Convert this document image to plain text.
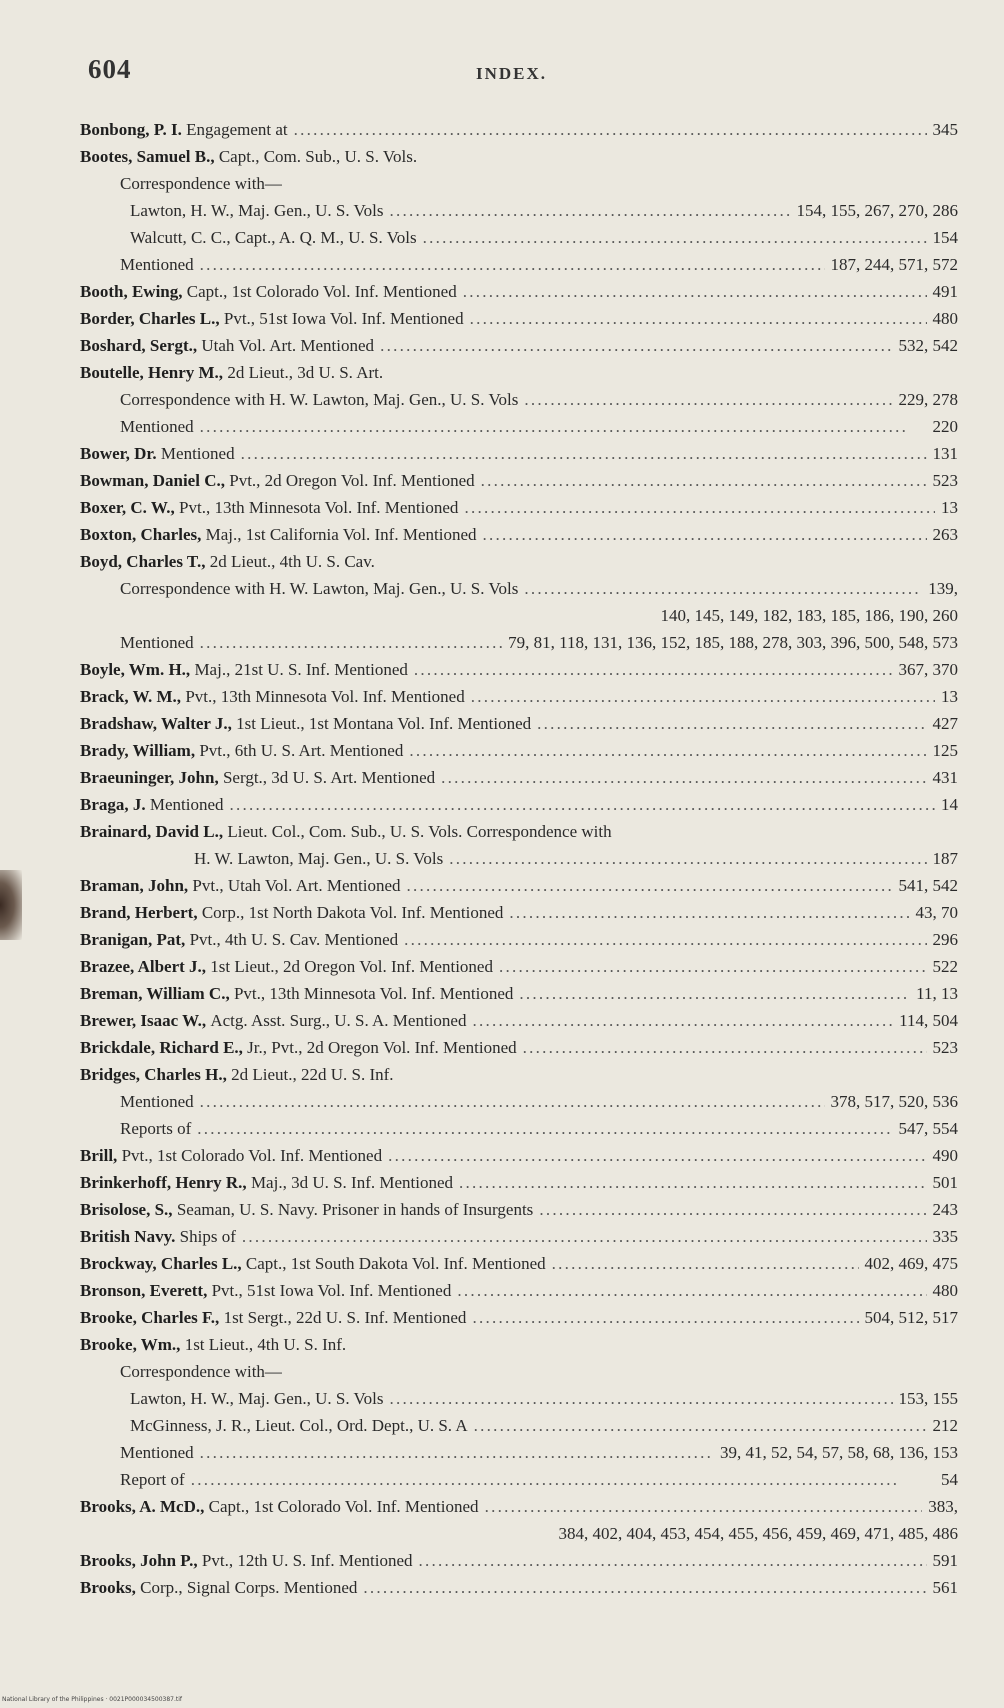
604	INDEX.
Bonbong, P. I.
Engagement at . . .	345
Bootes, Samuel B.,
Capt., Com. Sub., U. S. Vols.
Correspondence with—
Lawton, H. W., Maj. Gen., U. S. Vols . . .	154, 155, 267, 270, 286
Walcutt, C. C., Capt., A. Q. M., U. S. Vols . . .	154
Mentioned . . .	187, 244, 571, 572
Booth, Ewing,
Capt., 1st Colorado Vol. Inf. Mentioned . . .	491
Border, Charles L.,
Pvt., 51st Iowa Vol. Inf. Mentioned . . .	480
Boshard, Sergt.,
Utah Vol. Art. Mentioned . . .	532, 542
Boutelle, Henry M.,
2d Lieut., 3d U. S. Art.
Correspondence with H. W. Lawton, Maj. Gen., U. S. Vols . . .	229, 278
Mentioned . . .	220
Bower, Dr.
Mentioned . . .	131
Bowman, Daniel C.,
Pvt., 2d Oregon Vol. Inf. Mentioned . . .	523
Boxer, C. W.,
Pvt., 13th Minnesota Vol. Inf. Mentioned . . .	13
Boxton, Charles,
Maj., 1st California Vol. Inf. Mentioned . . .	263
Boyd, Charles T.,
2d Lieut., 4th U. S. Cav.
Correspondence with H. W. Lawton, Maj. Gen., U. S. Vols . . .	139,
140, 145, 149, 182, 183, 185, 186, 190, 260
Mentioned . . .	79, 81, 118, 131, 136, 152, 185, 188, 278, 303, 396, 500, 548, 573
Boyle, Wm. H.,
Maj., 21st U. S. Inf. Mentioned . . .	367, 370
Brack, W. M.,
Pvt., 13th Minnesota Vol. Inf. Mentioned . . .	13
Bradshaw, Walter J.,
1st Lieut., 1st Montana Vol. Inf. Mentioned . . .	427
Brady, William,
Pvt., 6th U. S. Art. Mentioned . . .	125
Braeuninger, John,
Sergt., 3d U. S. Art. Mentioned . . .	431
Braga, J.
Mentioned . . .	14
Brainard, David L.,
Lieut. Col., Com. Sub., U. S. Vols. Correspondence with
H. W. Lawton, Maj. Gen., U. S. Vols . . .	187
Braman, John,
Pvt., Utah Vol. Art. Mentioned . . .	541, 542
Brand, Herbert,
Corp., 1st North Dakota Vol. Inf. Mentioned . . .	43, 70
Branigan, Pat,
Pvt., 4th U. S. Cav. Mentioned . . .	296
Brazee, Albert J.,
1st Lieut., 2d Oregon Vol. Inf. Mentioned . . .	522
Breman, William C.,
Pvt., 13th Minnesota Vol. Inf. Mentioned . . .	11, 13
Brewer, Isaac W.,
Actg. Asst. Surg., U. S. A. Mentioned . . .	114, 504
Brickdale, Richard E.,
Jr., Pvt., 2d Oregon Vol. Inf. Mentioned . . .	523
Bridges, Charles H.,
2d Lieut., 22d U. S. Inf.
Mentioned . . .	378, 517, 520, 536
Reports of . . .	547, 554
Brill,
Pvt., 1st Colorado Vol. Inf. Mentioned . . .	490
Brinkerhoff, Henry R.,
Maj., 3d U. S. Inf. Mentioned . . .	501
Brisolose, S.,
Seaman, U. S. Navy. Prisoner in hands of Insurgents . . .	243
British Navy.
Ships of . . .	335
Brockway, Charles L.,
Capt., 1st South Dakota Vol. Inf. Mentioned . . .	402, 469, 475
Bronson, Everett,
Pvt., 51st Iowa Vol. Inf. Mentioned . . .	480
Brooke, Charles F.,
1st Sergt., 22d U. S. Inf. Mentioned . . .	504, 512, 517
Brooke, Wm.,
1st Lieut., 4th U. S. Inf.
Correspondence with—
Lawton, H. W., Maj. Gen., U. S. Vols . . .	153, 155
McGinness, J. R., Lieut. Col., Ord. Dept., U. S. A . . .	212
Mentioned . . .	39, 41, 52, 54, 57, 58, 68, 136, 153
Report of . . .	54
Brooks, A. McD.,
Capt., 1st Colorado Vol. Inf. Mentioned . . .	383,
384, 402, 404, 453, 454, 455, 456, 459, 469, 471, 485, 486
Brooks, John P.,
Pvt., 12th U. S. Inf. Mentioned . . .	591
Brooks,
Corp., Signal Corps. Mentioned . . .	561
National Library of the Philippines · 0021P000034500387.tif
